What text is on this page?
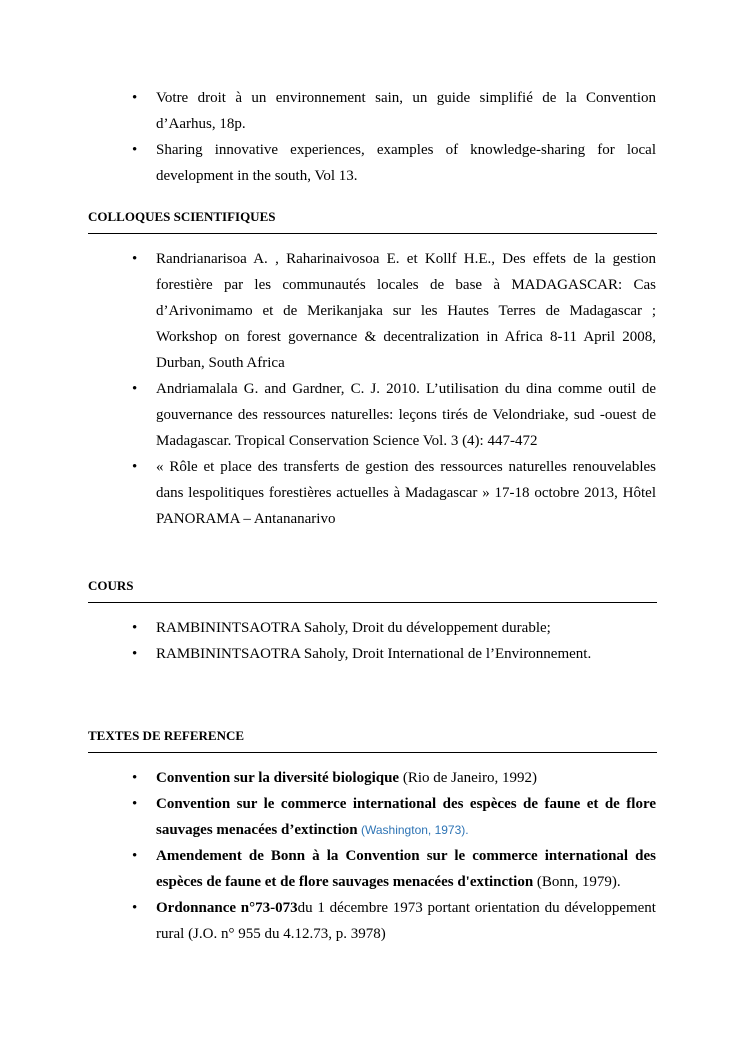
• Votre droit à un environnement sain, un guide simplifié de la Convention d’Aarhus, 18p.
• Sharing innovative experiences, examples of knowledge-sharing for local development in the south, Vol 13.
COLLOQUES SCIENTIFIQUES
• Randrianarisoa A. , Raharinaivosoa E. et Kollf H.E., Des effets de la gestion forestière par les communautés locales de base à MADAGASCAR: Cas d’Arivonimamo et de Merikanjaka sur les Hautes Terres de Madagascar ; Workshop on forest governance & decentralization in Africa 8-11 April 2008, Durban, South Africa
• Andriamalala G. and Gardner, C. J. 2010. L’utilisation du dina comme outil de gouvernance des ressources naturelles: leçons tirés de Velondriake, sud -ouest de Madagascar. Tropical Conservation Science Vol. 3 (4): 447-472
• « Rôle et place des transferts de gestion des ressources naturelles renouvelables dans lespolitiques forestières actuelles à Madagascar » 17-18 octobre 2013, Hôtel PANORAMA – Antananarivo
COURS
• RAMBININTSAOTRA Saholy, Droit du développement durable;
• RAMBININTSAOTRA Saholy, Droit International de l’Environnement.
TEXTES DE REFERENCE
• Convention sur la diversité biologique (Rio de Janeiro, 1992)
• Convention sur le commerce international des espèces de faune et de flore sauvages menacées d’extinction (Washington, 1973).
• Amendement de Bonn à la Convention sur le commerce international des espèces de faune et de flore sauvages menacées d'extinction (Bonn, 1979).
• Ordonnance n°73-073du 1 décembre 1973 portant orientation du développement rural (J.O. n° 955 du 4.12.73, p. 3978)
